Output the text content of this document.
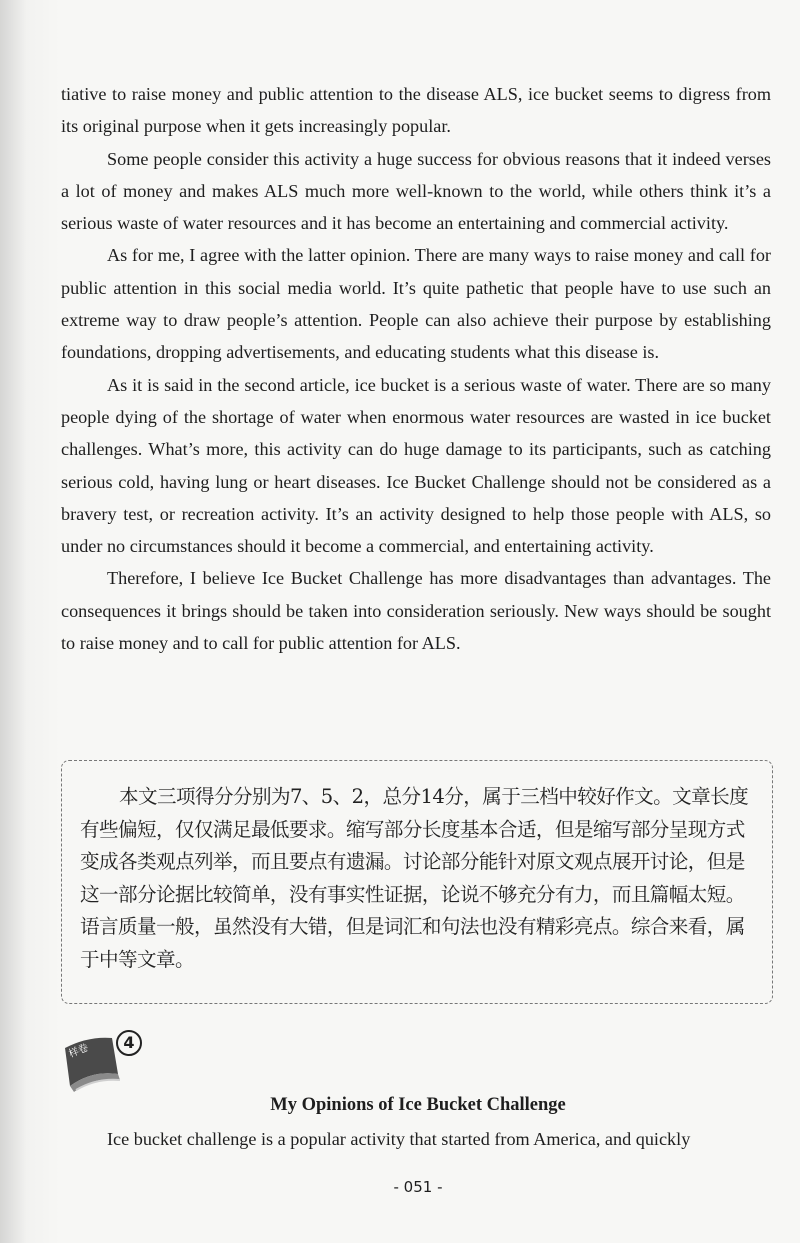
tiative to raise money and public attention to the disease ALS, ice bucket seems to digress from its original purpose when it gets increasingly popular.

Some people consider this activity a huge success for obvious reasons that it indeed verses a lot of money and makes ALS much more well-known to the world, while others think it’s a serious waste of water resources and it has become an entertaining and commercial activity.

As for me, I agree with the latter opinion. There are many ways to raise money and call for public attention in this social media world. It’s quite pathetic that people have to use such an extreme way to draw people’s attention. People can also achieve their purpose by establishing foundations, dropping advertisements, and educating students what this disease is.

As it is said in the second article, ice bucket is a serious waste of water. There are so many people dying of the shortage of water when enormous water resources are wasted in ice bucket challenges. What’s more, this activity can do huge damage to its participants, such as catching serious cold, having lung or heart diseases. Ice Bucket Challenge should not be considered as a bravery test, or recreation activity. It’s an activity designed to help those people with ALS, so under no circumstances should it become a commercial, and entertaining activity.

Therefore, I believe Ice Bucket Challenge has more disadvantages than advantages. The consequences it brings should be taken into consideration seriously. New ways should be sought to raise money and to call for public attention for ALS.

本文三项得分分别为7、5、2，总分14分，属于三档中较好作文。文章长度有些偏短，仅仅满足最低要求。缩写部分长度基本合适，但是缩写部分呈现方式变成各类观点列举，而且要点有遗漏。讨论部分能针对原文观点展开讨论，但是这一部分论据比较简单，没有事实性证据，论说不够充分有力，而且篇幅太短。语言质量一般，虽然没有大错，但是词汇和句法也没有精彩亮点。综合来看，属于中等文章。

样卷	4
My Opinions of Ice Bucket Challenge

Ice bucket challenge is a popular activity that started from America, and quickly

- 051 -
